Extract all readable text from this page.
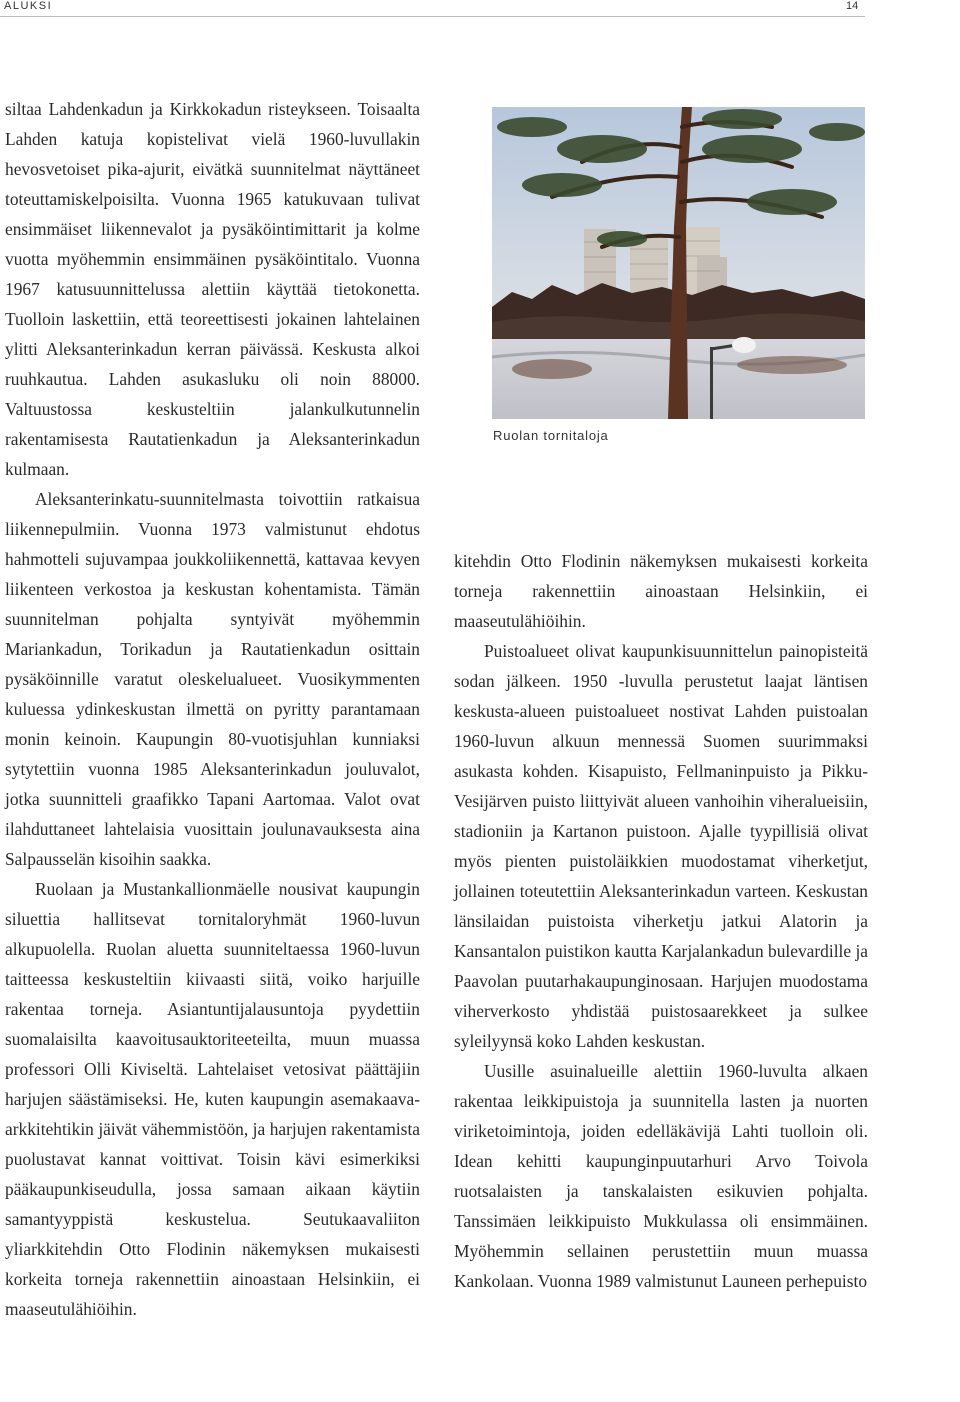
ALUKSI	14

siltaa Lahdenkadun ja Kirkkokadun risteykseen. Toisaalta Lahden katuja kopistelivat vielä 1960-luvullakin hevosvetoiset pika-ajurit, eivätkä suunnitelmat näyttäneet toteuttamiskelpoisilta. Vuonna 1965 katukuvaan tulivat ensimmäiset liikennevalot ja pysäköintimittarit ja kolme vuotta myöhemmin ensimmäinen pysäköintitalo. Vuonna 1967 katusuunnittelussa alettiin käyttää tietokonetta. Tuolloin laskettiin, että teoreettisesti jokainen lahtelainen ylitti Aleksanterinkadun kerran päivässä. Keskusta alkoi ruuhkautua. Lahden asukasluku oli noin 88000. Valtuustossa keskusteltiin jalankulkutunnelin rakentamisesta Rautatienkadun ja Aleksanterinkadun kulmaan.

Aleksanterinkatu-suunnitelmasta toivottiin ratkaisua liikennepulmiin. Vuonna 1973 valmistunut ehdotus hahmotteli sujuvampaa joukkoliikennettä, kattavaa kevyen liikenteen verkostoa ja keskustan kohentamista. Tämän suunnitelman pohjalta syntyivät myöhemmin Mariankadun, Torikadun ja Rautatienkadun osittain pysäköinnille varatut oleskelualueet. Vuosikymmenten kuluessa ydinkeskustan ilmettä on pyritty parantamaan monin keinoin. Kaupungin 80-vuotisjuhlan kunniaksi sytytettiin vuonna 1985 Aleksanterinkadun jouluvalot, jotka suunnitteli graafikko Tapani Aartomaa. Valot ovat ilahduttaneet lahtelaisia vuosittain joulunavauksesta aina Salpausselän kisoihin saakka.

Ruolaan ja Mustankallionmäelle nousivat kaupungin siluettia hallitsevat tornitaloryhmät 1960-luvun alkupuolella. Ruolan aluetta suunniteltaessa 1960-luvun taitteessa keskusteltiin kiivaasti siitä, voiko harjuille rakentaa torneja. Asiantuntijalausuntoja pyydettiin suomalaisilta kaavoitusauktoriteeteilta, muun muassa professori Olli Kiviseltä. Lahtelaiset vetosivat päättäjiin harjujen säästämiseksi. He, kuten kaupungin asemakaava-arkkitehtikin jäivät vähemmistöön, ja harjujen rakentamista puolustavat kannat voittivat. Toisin kävi esimerkiksi pääkaupunkiseudulla, jossa samaan aikaan käytiin samantyyppistä keskustelua. Seutukaavaliiton yliarkkitehdin Otto Flodinin näkemyksen mukaisesti korkeita torneja rakennettiin ainoastaan Helsinkiin, ei maaseutulähiöihin.

Ruolan tornitaloja

kitehdin Otto Flodinin näkemyksen mukaisesti korkeita torneja rakennettiin ainoastaan Helsinkiin, ei maaseutulähiöihin.

Puistoalueet olivat kaupunkisuunnittelun painopisteitä sodan jälkeen. 1950 -luvulla perustetut laajat läntisen keskusta-alueen puistoalueet nostivat Lahden puistoalan 1960-luvun alkuun mennessä Suomen suurimmaksi asukasta kohden. Kisapuisto, Fellmaninpuisto ja Pikku-Vesijärven puisto liittyivät alueen vanhoihin viheralueisiin, stadioniin ja Kartanon puistoon. Ajalle tyypillisiä olivat myös pienten puistoläikkien muodostamat viherketjut, jollainen toteutettiin Aleksanterinkadun varteen. Keskustan länsilaidan puistoista viherketju jatkui Alatorin ja Kansantalon puistikon kautta Karjalankadun bulevardille ja Paavolan puutarhakaupunginosaan. Harjujen muodostama viherverkosto yhdistää puistosaarekkeet ja sulkee syleilyynsä koko Lahden keskustan.

Uusille asuinalueille alettiin 1960-luvulta alkaen rakentaa leikkipuistoja ja suunnitella lasten ja nuorten viriketoimintoja, joiden edelläkävijä Lahti tuolloin oli. Idean kehitti kaupunginpuutarhuri Arvo Toivola ruotsalaisten ja tanskalaisten esikuvien pohjalta. Tanssimäen leikkipuisto Mukkulassa oli ensimmäinen. Myöhemmin sellainen perustettiin muun muassa Kankolaan. Vuonna 1989 valmistunut Launeen perhepuisto
